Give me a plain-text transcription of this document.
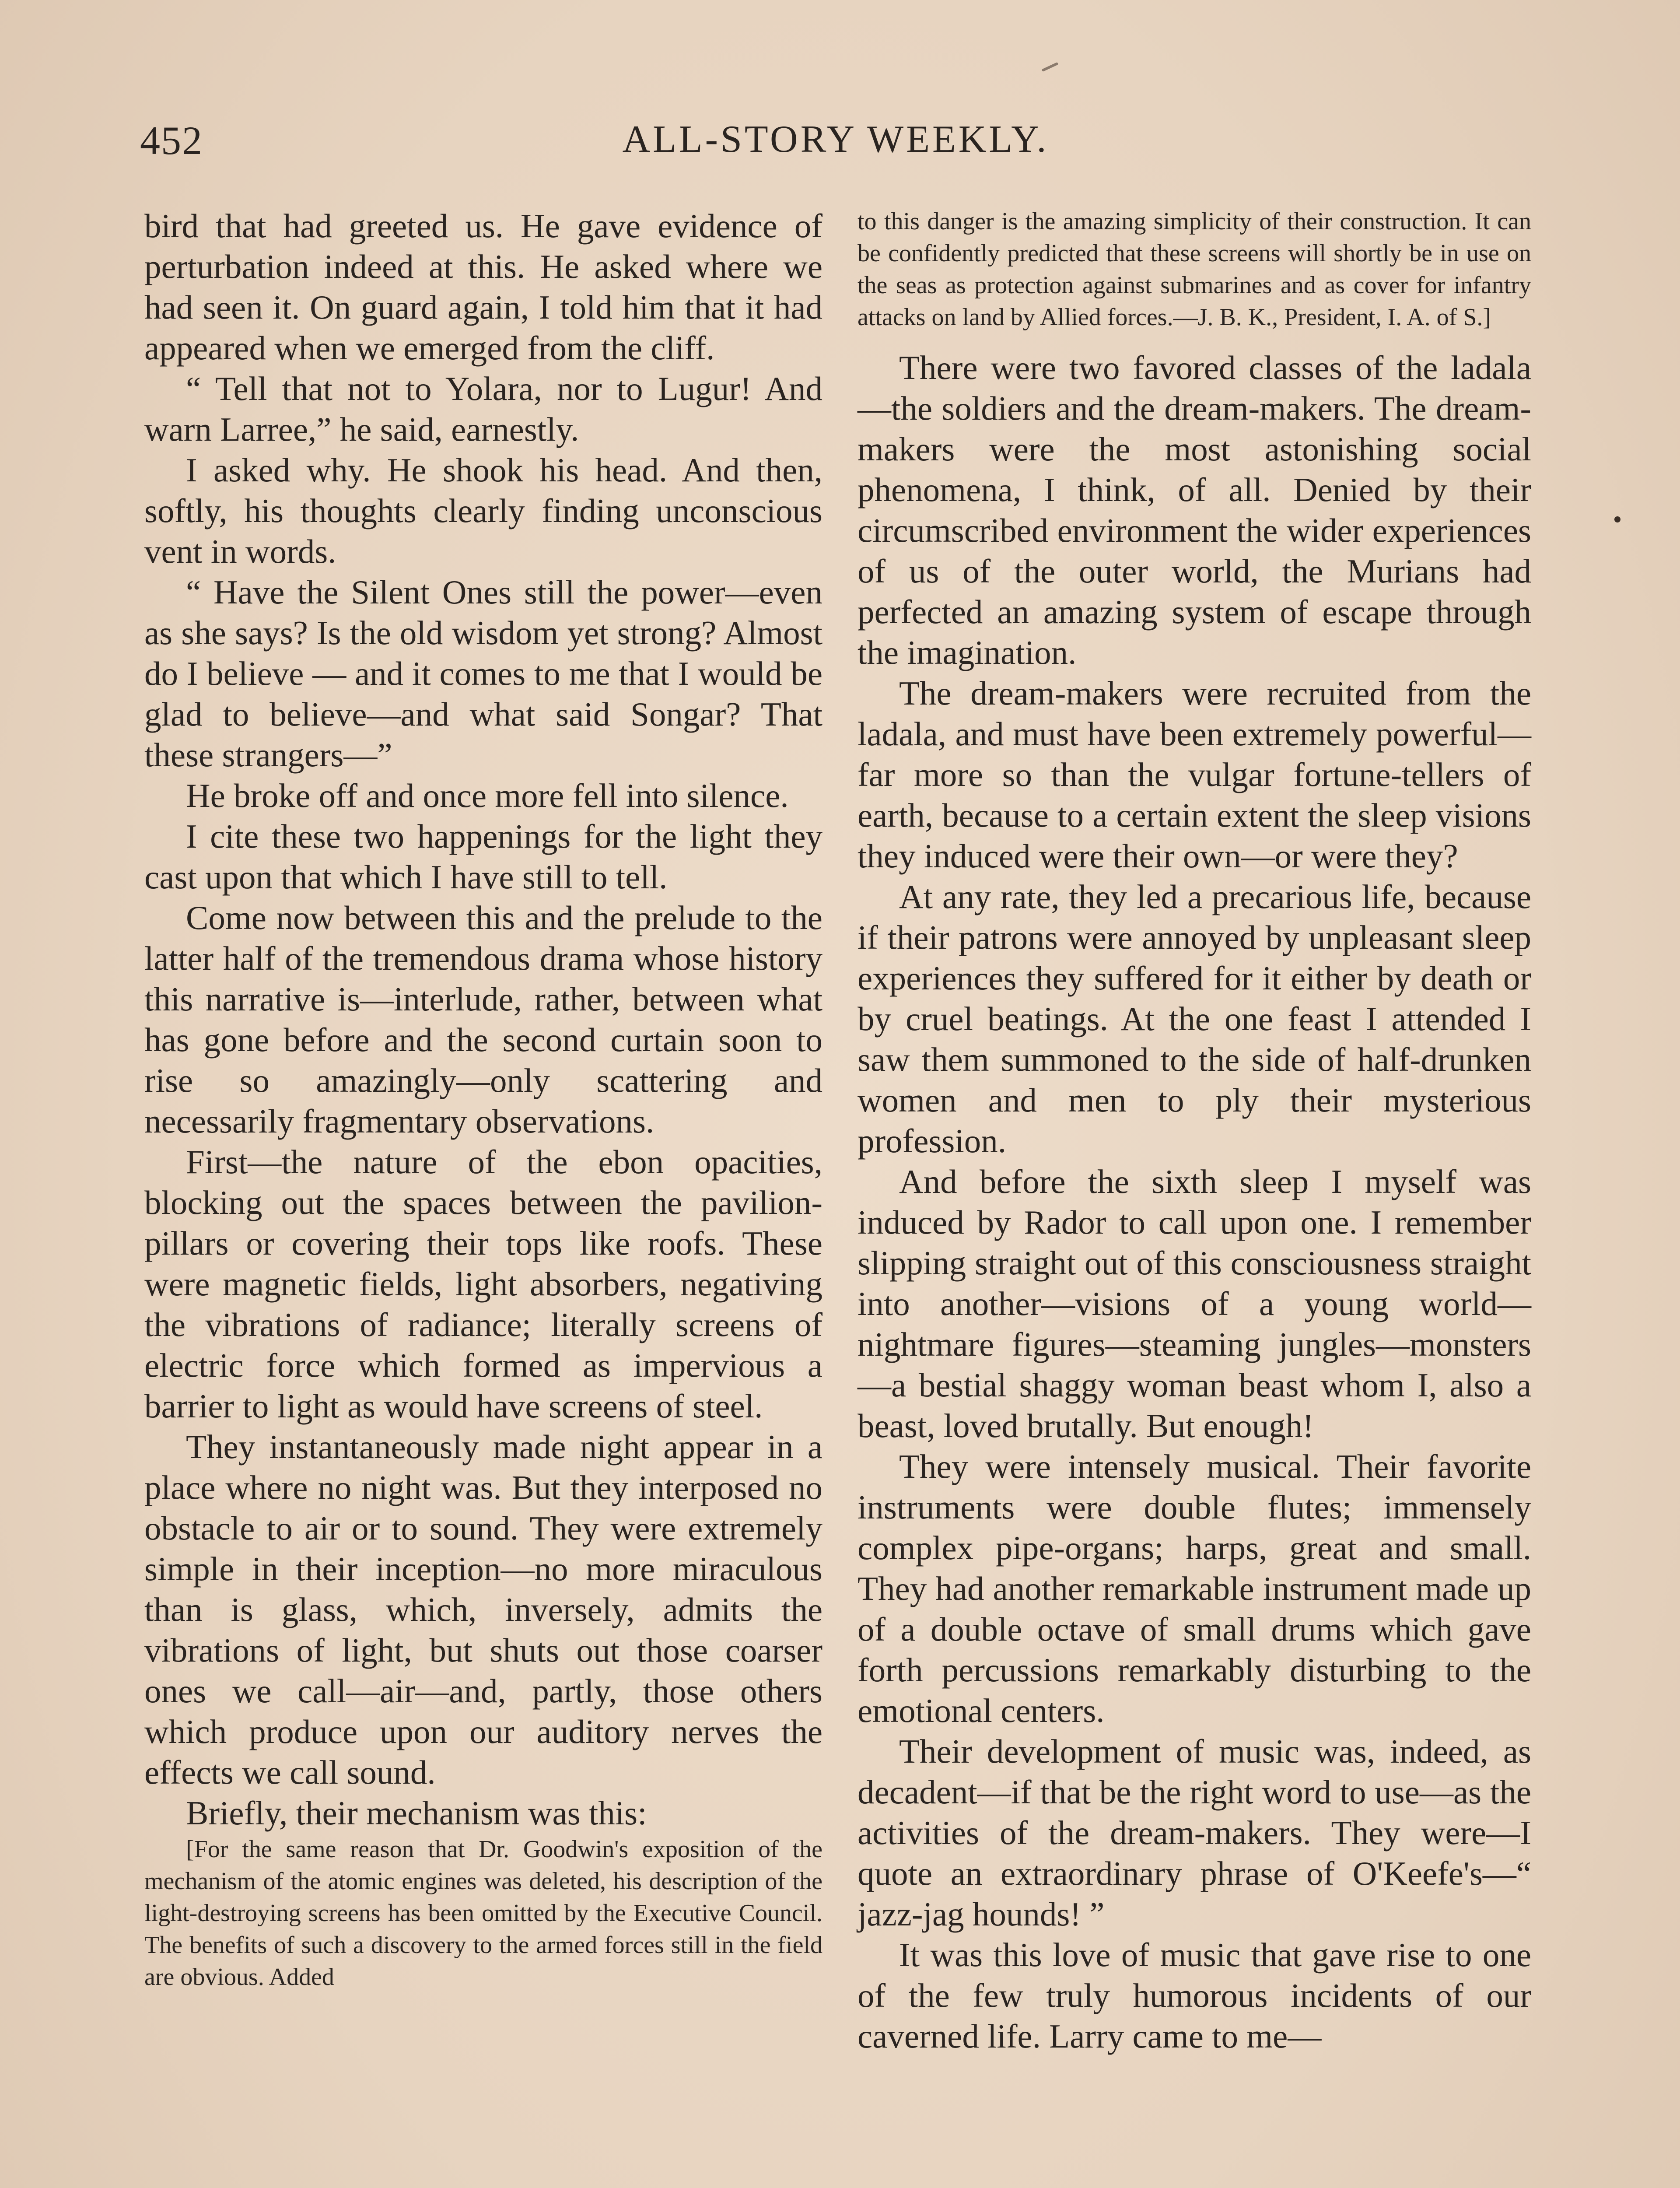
452	ALL-STORY WEEKLY.

bird that had greeted us. He gave evidence of perturbation indeed at this. He asked where we had seen it. On guard again, I told him that it had appeared when we emerged from the cliff.

“ Tell that not to Yolara, nor to Lugur! And warn Larree,” he said, earnestly.

I asked why. He shook his head. And then, softly, his thoughts clearly finding unconscious vent in words.

“ Have the Silent Ones still the power—even as she says? Is the old wisdom yet strong? Almost do I believe — and it comes to me that I would be glad to believe—and what said Songar? That these strangers—”

He broke off and once more fell into silence.

I cite these two happenings for the light they cast upon that which I have still to tell.

Come now between this and the prelude to the latter half of the tremendous drama whose history this narrative is—interlude, rather, between what has gone before and the second curtain soon to rise so amazingly—only scattering and necessarily fragmentary observations.

First—the nature of the ebon opacities, blocking out the spaces between the pavilion-pillars or covering their tops like roofs. These were magnetic fields, light absorbers, negativing the vibrations of radiance; literally screens of electric force which formed as impervious a barrier to light as would have screens of steel.

They instantaneously made night appear in a place where no night was. But they interposed no obstacle to air or to sound. They were extremely simple in their inception—no more miraculous than is glass, which, inversely, admits the vibrations of light, but shuts out those coarser ones we call—air—and, partly, those others which produce upon our auditory nerves the effects we call sound.

Briefly, their mechanism was this:

[For the same reason that Dr. Goodwin's exposition of the mechanism of the atomic engines was deleted, his description of the light-destroying screens has been omitted by the Executive Council. The benefits of such a discovery to the armed forces still in the field are obvious. Added

to this danger is the amazing simplicity of their construction. It can be confidently predicted that these screens will shortly be in use on the seas as protection against submarines and as cover for infantry attacks on land by Allied forces.—J. B. K., President, I. A. of S.]

There were two favored classes of the ladala—the soldiers and the dream-makers. The dream-makers were the most astonishing social phenomena, I think, of all. Denied by their circumscribed environment the wider experiences of us of the outer world, the Murians had perfected an amazing system of escape through the imagination.

The dream-makers were recruited from the ladala, and must have been extremely powerful—far more so than the vulgar fortune-tellers of earth, because to a certain extent the sleep visions they induced were their own—or were they?

At any rate, they led a precarious life, because if their patrons were annoyed by unpleasant sleep experiences they suffered for it either by death or by cruel beatings. At the one feast I attended I saw them summoned to the side of half-drunken women and men to ply their mysterious profession.

And before the sixth sleep I myself was induced by Rador to call upon one. I remember slipping straight out of this consciousness straight into another—visions of a young world—nightmare figures—steaming jungles—monsters—a bestial shaggy woman beast whom I, also a beast, loved brutally. But enough!

They were intensely musical. Their favorite instruments were double flutes; immensely complex pipe-organs; harps, great and small. They had another remarkable instrument made up of a double octave of small drums which gave forth percussions remarkably disturbing to the emotional centers.

Their development of music was, indeed, as decadent—if that be the right word to use—as the activities of the dream-makers. They were—I quote an extraordinary phrase of O'Keefe's—“ jazz-jag hounds! ”

It was this love of music that gave rise to one of the few truly humorous incidents of our caverned life. Larry came to me—
